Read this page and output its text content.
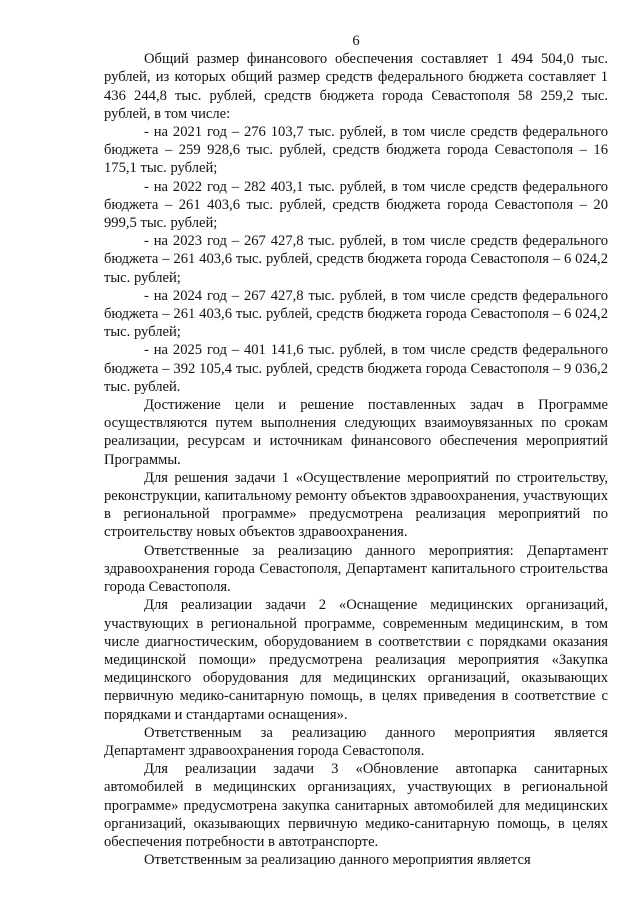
6

Общий размер финансового обеспечения составляет 1 494 504,0 тыс. рублей, из которых общий размер средств федерального бюджета составляет 1 436 244,8 тыс. рублей, средств бюджета города Севастополя 58 259,2 тыс. рублей, в том числе:

- на 2021 год – 276 103,7 тыс. рублей, в том числе средств федерального бюджета – 259 928,6 тыс. рублей, средств бюджета города Севастополя – 16 175,1 тыс. рублей;

- на 2022 год – 282 403,1 тыс. рублей, в том числе средств федерального бюджета – 261 403,6 тыс. рублей, средств бюджета города Севастополя – 20 999,5 тыс. рублей;

- на 2023 год – 267 427,8 тыс. рублей, в том числе средств федерального бюджета – 261 403,6 тыс. рублей, средств бюджета города Севастополя – 6 024,2 тыс. рублей;

- на 2024 год – 267 427,8 тыс. рублей, в том числе средств федерального бюджета – 261 403,6 тыс. рублей, средств бюджета города Севастополя – 6 024,2 тыс. рублей;

- на 2025 год – 401 141,6 тыс. рублей, в том числе средств федерального бюджета – 392 105,4 тыс. рублей, средств бюджета города Севастополя – 9 036,2 тыс. рублей.

Достижение цели и решение поставленных задач в Программе осуществляются путем выполнения следующих взаимоувязанных по срокам реализации, ресурсам и источникам финансового обеспечения мероприятий Программы.

Для решения задачи 1 «Осуществление мероприятий по строительству, реконструкции, капитальному ремонту объектов здравоохранения, участвующих в региональной программе» предусмотрена реализация мероприятий по строительству новых объектов здравоохранения.

Ответственные за реализацию данного мероприятия: Департамент здравоохранения города Севастополя, Департамент капитального строительства города Севастополя.

Для реализации задачи 2 «Оснащение медицинских организаций, участвующих в региональной программе, современным медицинским, в том числе диагностическим, оборудованием в соответствии с порядками оказания медицинской помощи» предусмотрена реализация мероприятия «Закупка медицинского оборудования для медицинских организаций, оказывающих первичную медико-санитарную помощь, в целях приведения в соответствие с порядками и стандартами оснащения».

Ответственным за реализацию данного мероприятия является Департамент здравоохранения города Севастополя.

Для реализации задачи 3 «Обновление автопарка санитарных автомобилей в медицинских организациях, участвующих в региональной программе» предусмотрена закупка санитарных автомобилей для медицинских организаций, оказывающих первичную медико-санитарную помощь, в целях обеспечения потребности в автотранспорте.

Ответственным за реализацию данного мероприятия является
